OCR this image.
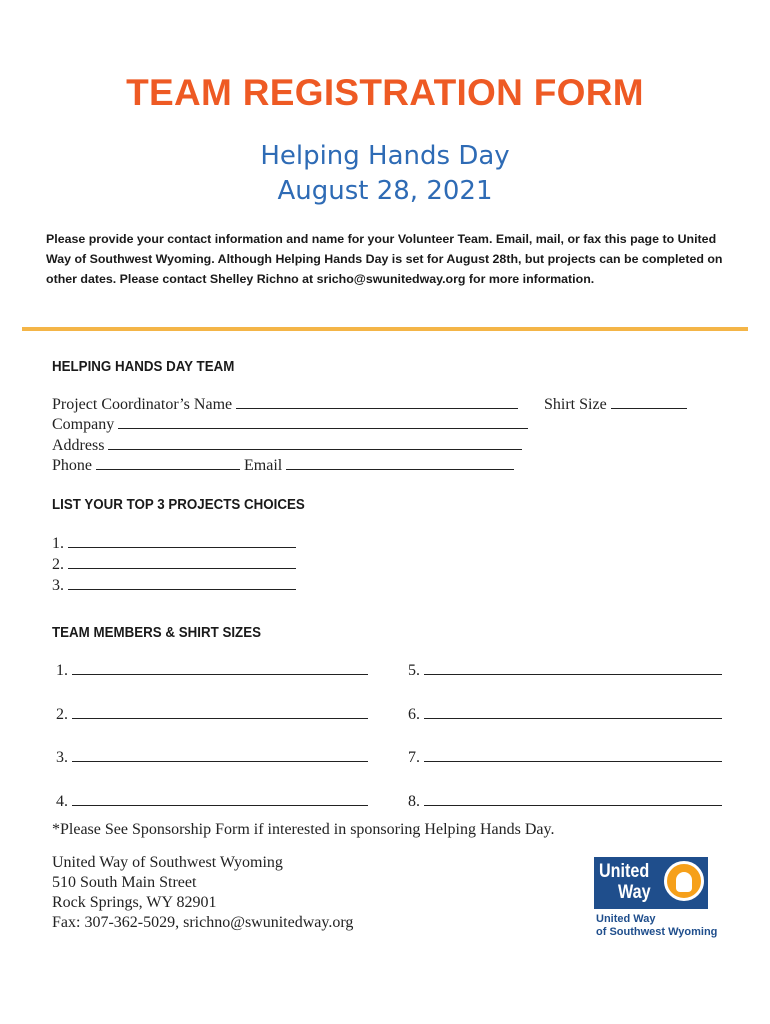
TEAM REGISTRATION FORM
Helping Hands Day
August 28, 2021
Please provide your contact information and name for your Volunteer Team. Email, mail, or fax this page to United Way of Southwest Wyoming. Although Helping Hands Day is set for August 28th, but projects can be completed on other dates. Please contact Shelley Richno at sricho@swunitedway.org for more information.
HELPING HANDS DAY TEAM
Project Coordinator’s Name	Shirt Size
Company
Address
Phone	Email
LIST YOUR TOP 3 PROJECTS CHOICES
1.
2.
3.
TEAM MEMBERS & SHIRT SIZES
1.
2.
3.
4.
5.
6.
7.
8.
*Please See Sponsorship Form if interested in sponsoring Helping Hands Day.
United Way of Southwest Wyoming
510 South Main Street
Rock Springs, WY 82901
Fax: 307-362-5029, srichno@swunitedway.org
United
Way
United Way
of Southwest Wyoming
